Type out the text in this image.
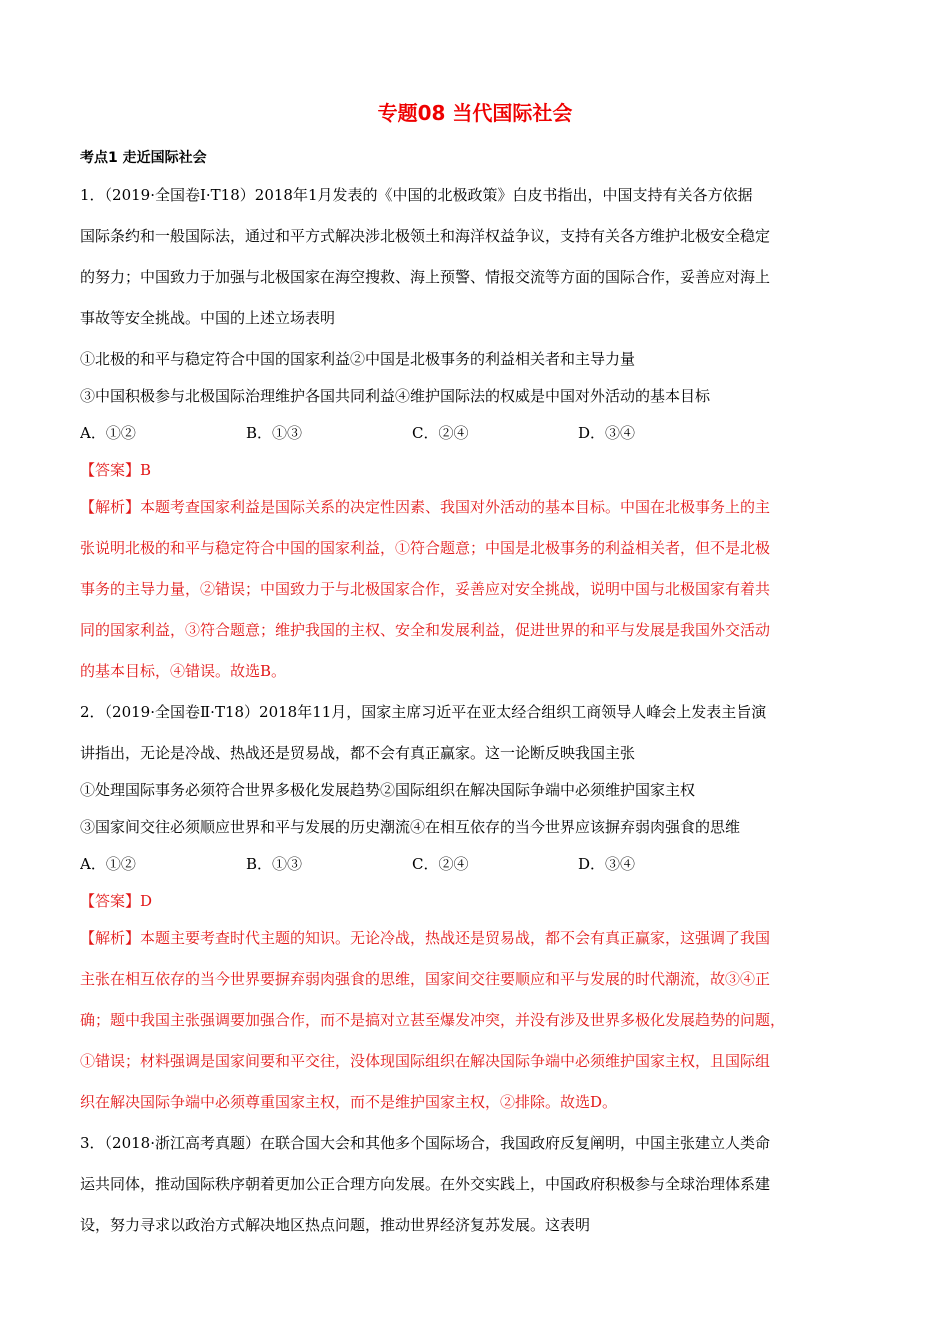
专题08 当代国际社会
考点1 走近国际社会
1．（2019·全国卷Ⅰ·T18）2018年1月发表的《中国的北极政策》白皮书指出，中国支持有关各方依据
国际条约和一般国际法，通过和平方式解决涉北极领土和海洋权益争议，支持有关各方维护北极安全稳定
的努力；中国致力于加强与北极国家在海空搜救、海上预警、情报交流等方面的国际合作，妥善应对海上
事故等安全挑战。中国的上述立场表明
①北极的和平与稳定符合中国的国家利益②中国是北极事务的利益相关者和主导力量
③中国积极参与北极国际治理维护各国共同利益④维护国际法的权威是中国对外活动的基本目标
A．①②	B．①③	C．②④	D．③④
【答案】 B
【解析】本题考查国家利益是国际关系的决定性因素、我国对外活动的基本目标。中国在北极事务上的主
张说明北极的和平与稳定符合中国的国家利益，①符合题意；中国是北极事务的利益相关者，但不是北极
事务的主导力量，②错误；中国致力于与北极国家合作，妥善应对安全挑战，说明中国与北极国家有着共
同的国家利益，③符合题意；维护我国的主权、安全和发展利益，促进世界的和平与发展是我国外交活动
的基本目标，④错误。故选B。
2．（2019·全国卷Ⅱ·T18）2018年11月，国家主席习近平在亚太经合组织工商领导人峰会上发表主旨演
讲指出，无论是冷战、热战还是贸易战，都不会有真正赢家。这一论断反映我国主张
①处理国际事务必须符合世界多极化发展趋势②国际组织在解决国际争端中必须维护国家主权
③国家间交往必须顺应世界和平与发展的历史潮流④在相互依存的当今世界应该摒弃弱肉强食的思维
A．①②	B．①③	C．②④	D．③④
【答案】 D
【解析】本题主要考查时代主题的知识。无论冷战，热战还是贸易战，都不会有真正赢家，这强调了我国
主张在相互依存的当今世界要摒弃弱肉强食的思维，国家间交往要顺应和平与发展的时代潮流，故③④正
确；题中我国主张强调要加强合作，而不是搞对立甚至爆发冲突，并没有涉及世界多极化发展趋势的问题，
①错误；材料强调是国家间要和平交往，没体现国际组织在解决国际争端中必须维护国家主权，且国际组
织在解决国际争端中必须尊重国家主权，而不是维护国家主权，②排除。故选D。
3．（2018·浙江高考真题）在联合国大会和其他多个国际场合，我国政府反复阐明，中国主张建立人类命
运共同体，推动国际秩序朝着更加公正合理方向发展。在外交实践上，中国政府积极参与全球治理体系建
设，努力寻求以政治方式解决地区热点问题，推动世界经济复苏发展。这表明
